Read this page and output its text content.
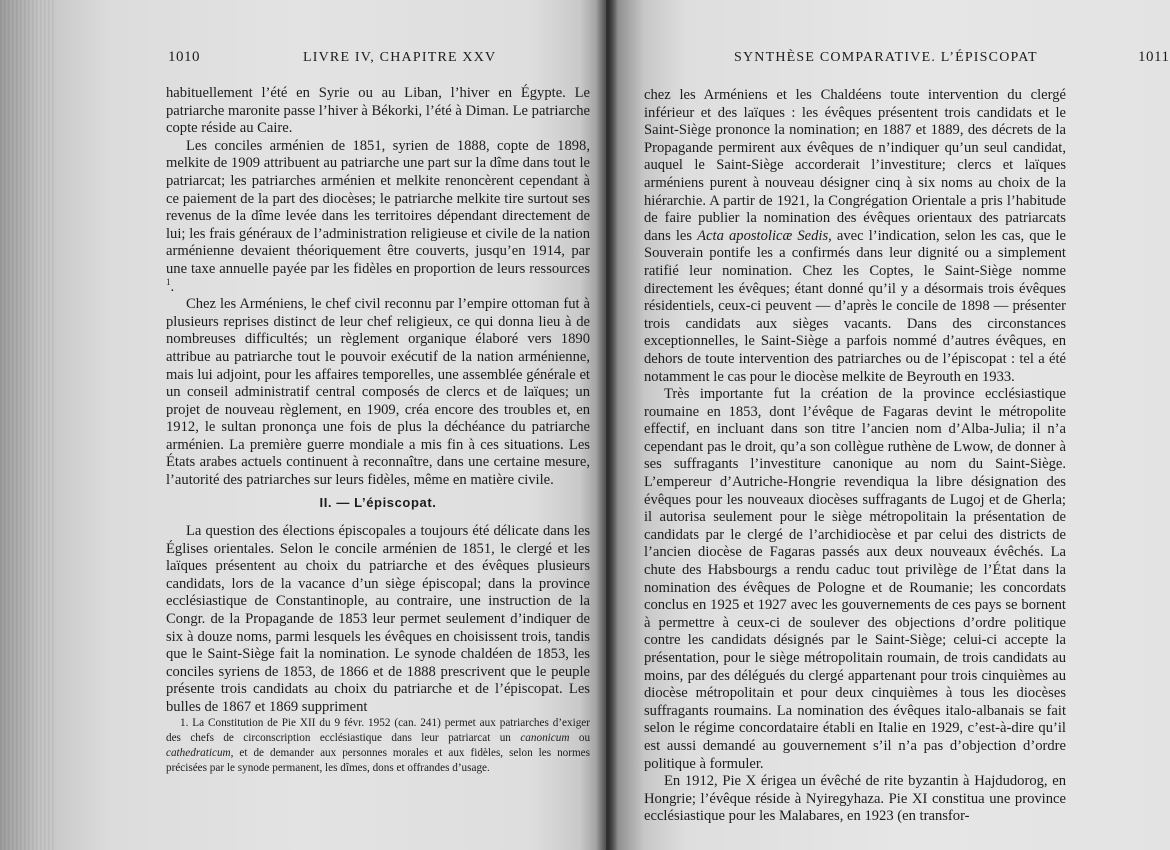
1010	LIVRE IV, CHAPITRE XXV

habituellement l’été en Syrie ou au Liban, l’hiver en Égypte. Le patriarche maronite passe l’hiver à Békorki, l’été à Diman. Le patriarche copte réside au Caire.

Les conciles arménien de 1851, syrien de 1888, copte de 1898, melkite de 1909 attribuent au patriarche une part sur la dîme dans tout le patriarcat; les patriarches arménien et melkite renoncèrent cependant à ce paiement de la part des diocèses; le patriarche melkite tire surtout ses revenus de la dîme levée dans les territoires dépendant directement de lui; les frais généraux de l’administration religieuse et civile de la nation arménienne devaient théoriquement être couverts, jusqu’en 1914, par une taxe annuelle payée par les fidèles en proportion de leurs ressources $^1$.

Chez les Arméniens, le chef civil reconnu par l’empire ottoman fut à plusieurs reprises distinct de leur chef religieux, ce qui donna lieu à de nombreuses difficultés; un règlement organique élaboré vers 1890 attribue au patriarche tout le pouvoir exécutif de la nation arménienne, mais lui adjoint, pour les affaires temporelles, une assemblée générale et un conseil administratif central composés de clercs et de laïques; un projet de nouveau règlement, en 1909, créa encore des troubles et, en 1912, le sultan prononça une fois de plus la déchéance du patriarche arménien. La première guerre mondiale a mis fin à ces situations. Les États arabes actuels continuent à reconnaître, dans une certaine mesure, l’autorité des patriarches sur leurs fidèles, même en matière civile.

II. — L’épiscopat.

La question des élections épiscopales a toujours été délicate dans les Églises orientales. Selon le concile arménien de 1851, le clergé et les laïques présentent au choix du patriarche et des évêques plusieurs candidats, lors de la vacance d’un siège épiscopal; dans la province ecclésiastique de Constantinople, au contraire, une instruction de la Congr. de la Propagande de 1853 leur permet seulement d’indiquer de six à douze noms, parmi lesquels les évêques en choisissent trois, tandis que le Saint-Siège fait la nomination. Le synode chaldéen de 1853, les conciles syriens de 1853, de 1866 et de 1888 prescrivent que le peuple présente trois candidats au choix du patriarche et de l’épiscopat. Les bulles de 1867 et 1869 suppriment

1. La Constitution de Pie XII du 9 févr. 1952 (can. 241) permet aux patriarches d’exiger des chefs de circonscription ecclésiastique dans leur patriarcat un canonicum ou cathedraticum, et de demander aux personnes morales et aux fidèles, selon les normes précisées par le synode permanent, les dîmes, dons et offrandes d’usage.

SYNTHÈSE COMPARATIVE. L’ÉPISCOPAT	1011

chez les Arméniens et les Chaldéens toute intervention du clergé inférieur et des laïques : les évêques présentent trois candidats et le Saint-Siège prononce la nomination; en 1887 et 1889, des décrets de la Propagande permirent aux évêques de n’indiquer qu’un seul candidat, auquel le Saint-Siège accorderait l’investiture; clercs et laïques arméniens purent à nouveau désigner cinq à six noms au choix de la hiérarchie. A partir de 1921, la Congrégation Orientale a pris l’habitude de faire publier la nomination des évêques orientaux des patriarcats dans les Acta apostolicæ Sedis, avec l’indication, selon les cas, que le Souverain pontife les a confirmés dans leur dignité ou a simplement ratifié leur nomination. Chez les Coptes, le Saint-Siège nomme directement les évêques; étant donné qu’il y a désormais trois évêques résidentiels, ceux-ci peuvent — d’après le concile de 1898 — présenter trois candidats aux sièges vacants. Dans des circonstances exceptionnelles, le Saint-Siège a parfois nommé d’autres évêques, en dehors de toute intervention des patriarches ou de l’épiscopat : tel a été notamment le cas pour le diocèse melkite de Beyrouth en 1933.

Très importante fut la création de la province ecclésiastique roumaine en 1853, dont l’évêque de Fagaras devint le métropolite effectif, en incluant dans son titre l’ancien nom d’Alba-Julia; il n’a cependant pas le droit, qu’a son collègue ruthène de Lwow, de donner à ses suffragants l’investiture canonique au nom du Saint-Siège. L’empereur d’Autriche-Hongrie revendiqua la libre désignation des évêques pour les nouveaux diocèses suffragants de Lugoj et de Gherla; il autorisa seulement pour le siège métropolitain la présentation de candidats par le clergé de l’archidiocèse et par celui des districts de l’ancien diocèse de Fagaras passés aux deux nouveaux évêchés. La chute des Habsbourgs a rendu caduc tout privilège de l’État dans la nomination des évêques de Pologne et de Roumanie; les concordats conclus en 1925 et 1927 avec les gouvernements de ces pays se bornent à permettre à ceux-ci de soulever des objections d’ordre politique contre les candidats désignés par le Saint-Siège; celui-ci accepte la présentation, pour le siège métropolitain roumain, de trois candidats au moins, par des délégués du clergé appartenant pour trois cinquièmes au diocèse métropolitain et pour deux cinquièmes à tous les diocèses suffragants roumains. La nomination des évêques italo-albanais se fait selon le régime concordataire établi en Italie en 1929, c’est-à-dire qu’il est aussi demandé au gouvernement s’il n’a pas d’objection d’ordre politique à formuler.

En 1912, Pie X érigea un évêché de rite byzantin à Hajdudorog, en Hongrie; l’évêque réside à Nyiregyhaza. Pie XI constitua une province ecclésiastique pour les Malabares, en 1923 (en transfor-
